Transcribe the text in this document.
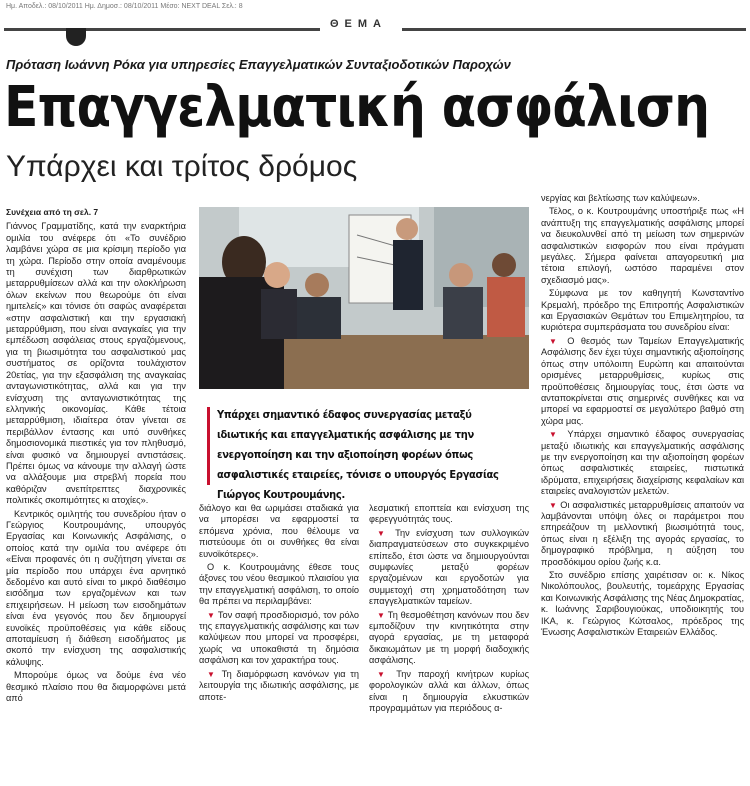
Ημ. Αποδελ.: 08/10/2011 Ημ. Δημοσ.: 08/10/2011 Μέσο: NEXT DEAL Σελ.: 8
ΘΕΜΑ
Πρόταση Ιωάννη Ρόκα για υπηρεσίες Επαγγελματικών Συνταξιοδοτικών Παροχών
Επαγγελματική ασφάλιση
Υπάρχει και τρίτος δρόμος
Συνέχεια από τη σελ. 7

Γιάννος Γραμματίδης, κατά την εναρκτήρια ομιλία του ανέφερε ότι «Το συνέδριο λαμβάνει χώρα σε μια κρίσιμη περίοδο για τη χώρα. Περίοδο στην οποία αναμένουμε τη συνέχιση των διαρθρωτικών μεταρρυθμίσεων αλλά και την ολοκλήρωση όλων εκείνων που θεωρούμε ότι είναι ημιτελείς» και τόνισε ότι σαφώς αναφέρεται «στην ασφαλιστική και την εργασιακή μεταρρύθμιση, που είναι αναγκαίες για την εμπέδωση ασφάλειας στους εργαζόμενους, για τη βιωσιμότητα του ασφαλιστικού μας συστήματος σε ορίζοντα τουλάχιστον 20ετίας, για την εξασφάλιση της αναγκαίας ανταγωνιστικότητας, αλλά και για την ενίσχυση της ανταγωνιστικότητας της ελληνικής οικονομίας. Κάθε τέτοια μεταρρύθμιση, ιδιαίτερα όταν γίνεται σε περιβάλλον έντασης και υπό συνθήκες δημοσιονομικά πιεστικές για τον πληθυσμό, είναι φυσικό να δημιουργεί αντιστάσεις. Πρέπει όμως να κάνουμε την αλλαγή ώστε να αλλάξουμε μια στρεβλή πορεία που καθόριζαν ανεπίτρεπτες διαχρονικές πολιτικές σκοπιμότητες κι ατοχίες».

Κεντρικός ομιλητής του συνεδρίου ήταν ο Γεώργιος Κουτρουμάνης, υπουργός Εργασίας και Κοινωνικής Ασφάλισης, ο οποίος κατά την ομιλία του ανέφερε ότι «Είναι προφανές ότι η συζήτηση γίνεται σε μία περίοδο που υπάρχει ένα αρνητικό δεδομένο και αυτό είναι το μικρό διαθέσιμο εισόδημα των εργαζομένων και των επιχειρήσεων. Η μείωση των εισοδημάτων είναι ένα γεγονός που δεν δημιουργεί ευνοϊκές προϋποθέσεις για κάθε είδους αποταμίευση ή διάθεση εισοδήματος με σκοπό την ενίσχυση της ασφαλιστικής κάλυψης.

Μπορούμε όμως να δούμε ένα νέο θεσμικό πλαίσιο που θα διαμορφώνει μετά από

Υπάρχει σημαντικό έδαφος συνεργασίας μεταξύ ιδιωτικής και επαγγελματικής ασφάλισης με την ενεργοποίηση και την αξιοποίηση φορέων όπως ασφαλιστικές εταιρείες, τόνισε ο υπουργός Εργασίας Γιώργος Κουτρουμάνης.

διάλογο και θα ωριμάσει σταδιακά για να μπορέσει να εφαρμοστεί τα επόμενα χρόνια, που θέλουμε να πιστεύουμε ότι οι συνθήκες θα είναι ευνοϊκότερες».

Ο κ. Κουτρουμάνης έθεσε τους άξονες του νέου θεσμικού πλαισίου για την επαγγελματική ασφάλιση, το οποίο θα πρέπει να περιλαμβάνει:

▼ Τον σαφή προσδιορισμό, τον ρόλο της επαγγελματικής ασφάλισης και των καλύψεων που μπορεί να προσφέρει, χωρίς να υποκαθιστά τη δημόσια ασφάλιση και τον χαρακτήρα τους.

▼ Τη διαμόρφωση κανόνων για τη λειτουργία της ιδιωτικής ασφάλισης, με αποτε-

λεσματική εποπτεία και ενίσχυση της φερεγγυότητάς τους.

▼ Την ενίσχυση των συλλογικών διαπραγματεύσεων στο συγκεκριμένο επίπεδο, έτσι ώστε να δημιουργούνται συμφωνίες μεταξύ φορέων εργαζομένων και εργοδοτών για συμμετοχή στη χρηματοδότηση των επαγγελματικών ταμείων.

▼ Τη θεσμοθέτηση κανόνων που δεν εμποδίζουν την κινητικότητα στην αγορά εργασίας, με τη μεταφορά δικαιωμάτων με τη μορφή διαδοχικής ασφάλισης.

▼ Την παροχή κινήτρων κυρίως φορολογικών αλλά και άλλων, όπως είναι η δημιουργία ελκυστικών προγραμμάτων για περιόδους α-

νεργίας και βελτίωσης των καλύψεων».

Τέλος, ο κ. Κουτρουμάνης υποστήριξε πως «Η ανάπτυξη της επαγγελματικής ασφάλισης μπορεί να διευκολυνθεί από τη μείωση των σημερινών ασφαλιστικών εισφορών που είναι πράγματι μεγάλες. Σήμερα φαίνεται απαγορευτική μια τέτοια επιλογή, ωστόσο παραμένει στον σχεδιασμό μας».

Σύμφωνα με τον καθηγητή Κωνσταντίνο Κρεμαλή, πρόεδρο της Επιτροπής Ασφαλιστικών και Εργασιακών Θεμάτων του Επιμελητηρίου, τα κυριότερα συμπεράσματα του συνεδρίου είναι:

▼ Ο θεσμός των Ταμείων Επαγγελματικής Ασφάλισης δεν έχει τύχει σημαντικής αξιοποίησης όπως στην υπόλοιπη Ευρώπη και απαιτούνται ορισμένες μεταρρυθμίσεις, κυρίως στις προϋποθέσεις δημιουργίας τους, έτσι ώστε να ανταποκρίνεται στις σημερινές συνθήκες και να μπορεί να εφαρμοστεί σε μεγαλύτερο βαθμό στη χώρα μας.

▼ Υπάρχει σημαντικό έδαφος συνεργασίας μεταξύ ιδιωτικής και επαγγελματικής ασφάλισης με την ενεργοποίηση και την αξιοποίηση φορέων όπως ασφαλιστικές εταιρείες, πιστωτικά ιδρύματα, επιχειρήσεις διαχείρισης κεφαλαίων και εταιρείες αναλογιστών μελετών.

▼ Οι ασφαλιστικές μεταρρυθμίσεις απαιτούν να λαμβάνονται υπόψη όλες οι παράμετροι που επηρεάζουν τη μελλοντική βιωσιμότητά τους, όπως είναι η εξέλιξη της αγοράς εργασίας, το δημογραφικό πρόβλημα, η αύξηση του προσδόκιμου ορίου ζωής κ.α.

Στο συνέδριο επίσης χαιρέτισαν οι: κ. Νίκος Νικολόπουλος, βουλευτής, τομεάρχης Εργασίας και Κοινωνικής Ασφάλισης της Νέας Δημοκρατίας, κ. Ιωάννης Σαριβουγιούκας, υποδιοικητής του ΙΚΑ, κ. Γεώργιος Κώτσαλος, πρόεδρος της Ένωσης Ασφαλιστικών Εταιρειών Ελλάδος.
